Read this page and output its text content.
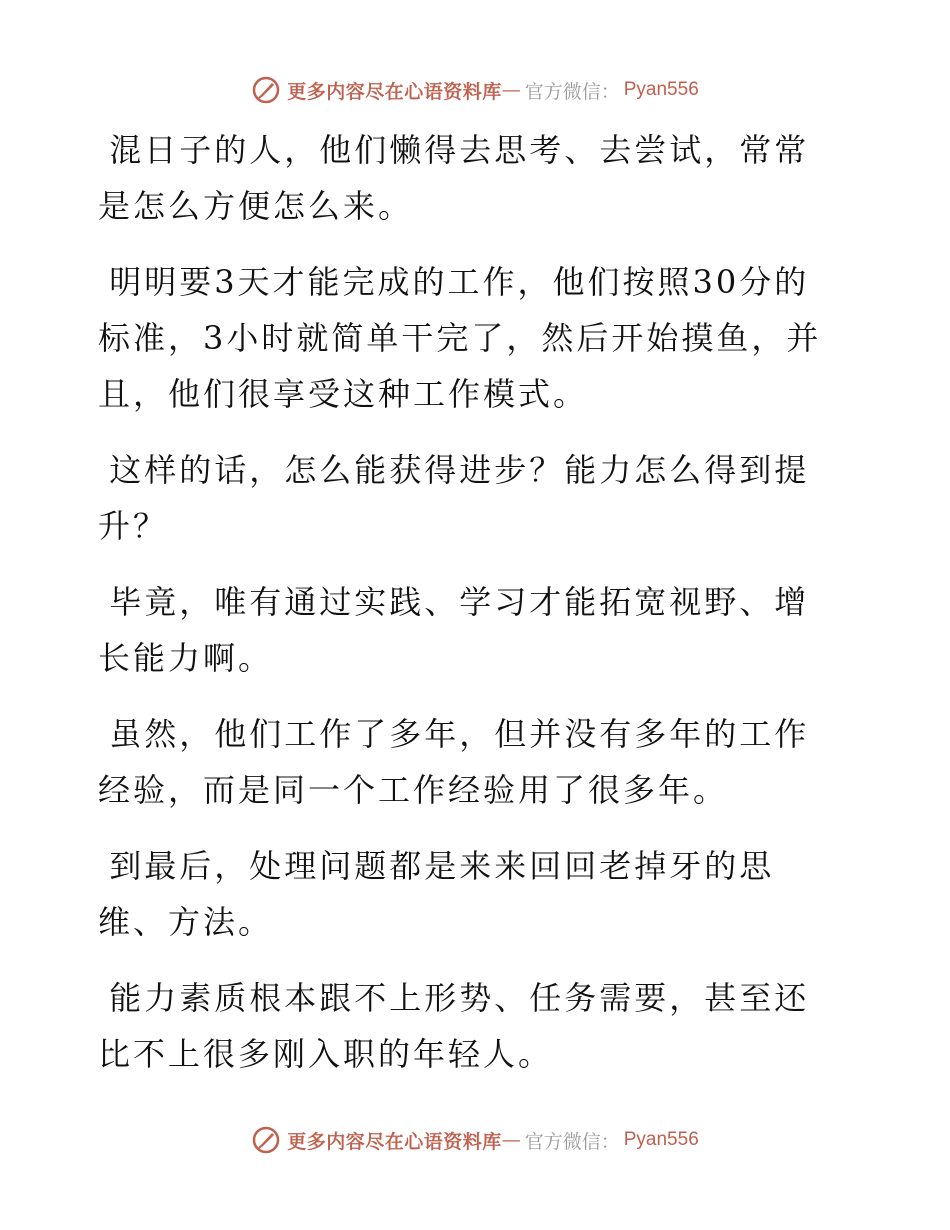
更多内容尽在心语资料库 — 官方微信： Pyan556

混日子的人，他们懒得去思考、去尝试，常常是怎么方便怎么来。

明明要3天才能完成的工作，他们按照30分的标准，3小时就简单干完了，然后开始摸鱼，并且，他们很享受这种工作模式。

这样的话，怎么能获得进步？能力怎么得到提升？

毕竟，唯有通过实践、学习才能拓宽视野、增长能力啊。

虽然，他们工作了多年，但并没有多年的工作经验，而是同一个工作经验用了很多年。

到最后，处理问题都是来来回回老掉牙的思维、方法。

能力素质根本跟不上形势、任务需要，甚至还比不上很多刚入职的年轻人。

更多内容尽在心语资料库 — 官方微信： Pyan556
